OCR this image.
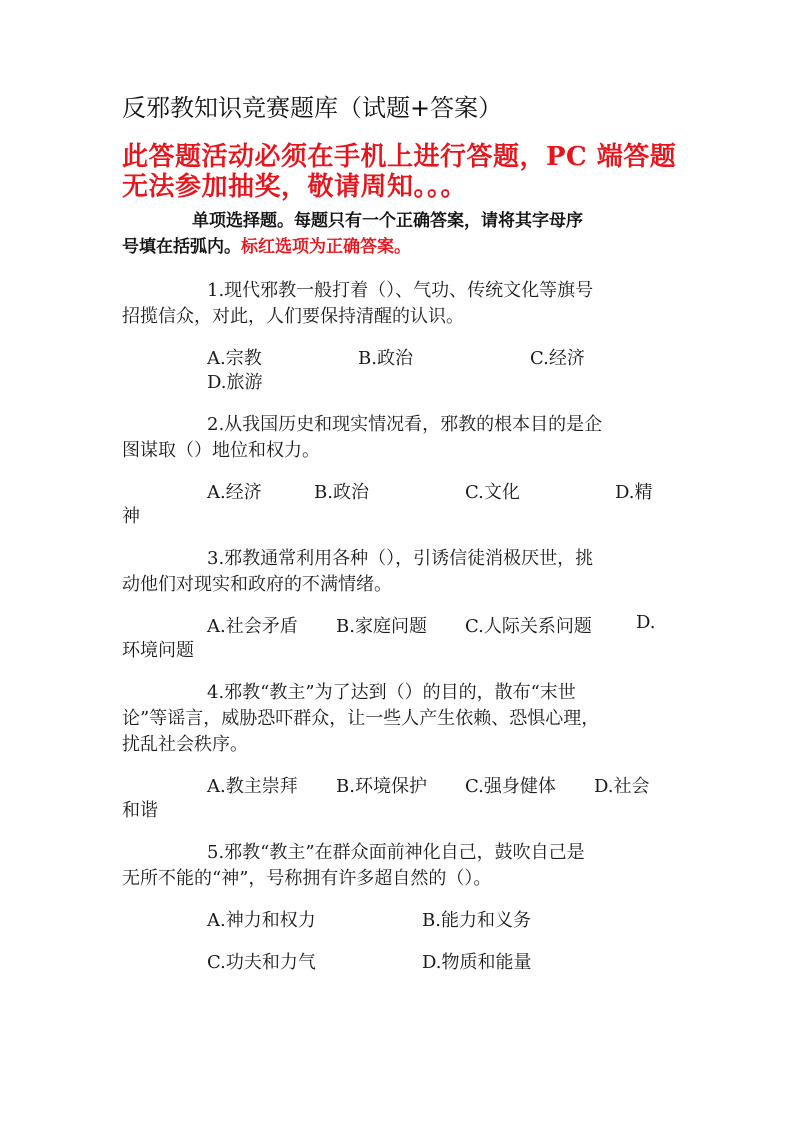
反邪教知识竞赛题库（试题+答案）
此答题活动必须在手机上进行答题，PC 端答题
无法参加抽奖，敬请周知。。。
单项选择题。每题只有一个正确答案，请将其字母序
号填在括弧内。标红选项为正确答案。
1.现代邪教一般打着（）、气功、传统文化等旗号
招揽信众，对此，人们要保持清醒的认识。
A.宗教	B.政治	C.经济
D.旅游
2.从我国历史和现实情况看，邪教的根本目的是企
图谋取（）地位和权力。
A.经济	B.政治	C.文化	D.精
神
3.邪教通常利用各种（），引诱信徒消极厌世，挑
动他们对现实和政府的不满情绪。
A.社会矛盾 B.家庭问题 C.人际关系问题 D.
环境问题
4.邪教“教主”为了达到（）的目的，散布“末世
论”等谣言，威胁恐吓群众，让一些人产生依赖、恐惧心理，
扰乱社会秩序。
A.教主崇拜 B.环境保护 C.强身健体 D.社会
和谐
5.邪教“教主”在群众面前神化自己，鼓吹自己是
无所不能的“神”，号称拥有许多超自然的（）。
A.神力和权力	B.能力和义务
C.功夫和力气	D.物质和能量
